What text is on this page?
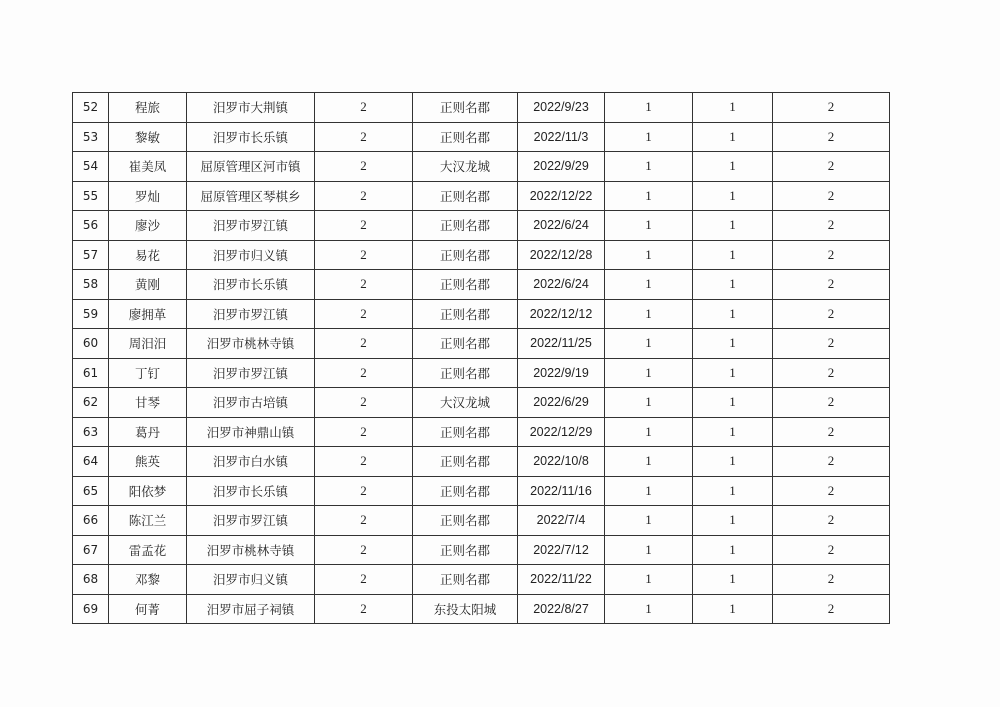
52	程旅	汨罗市大荆镇	2	正则名郡	2022/9/23	1	1	2
53	黎敏	汨罗市长乐镇	2	正则名郡	2022/11/3	1	1	2
54	崔美凤	屈原管理区河市镇	2	大汉龙城	2022/9/29	1	1	2
55	罗灿	屈原管理区琴棋乡	2	正则名郡	2022/12/22	1	1	2
56	廖沙	汨罗市罗江镇	2	正则名郡	2022/6/24	1	1	2
57	易花	汨罗市归义镇	2	正则名郡	2022/12/28	1	1	2
58	黄刚	汨罗市长乐镇	2	正则名郡	2022/6/24	1	1	2
59	廖拥革	汨罗市罗江镇	2	正则名郡	2022/12/12	1	1	2
60	周汨汨	汨罗市桃林寺镇	2	正则名郡	2022/11/25	1	1	2
61	丁钉	汨罗市罗江镇	2	正则名郡	2022/9/19	1	1	2
62	甘琴	汨罗市古培镇	2	大汉龙城	2022/6/29	1	1	2
63	葛丹	汨罗市神鼎山镇	2	正则名郡	2022/12/29	1	1	2
64	熊英	汨罗市白水镇	2	正则名郡	2022/10/8	1	1	2
65	阳依梦	汨罗市长乐镇	2	正则名郡	2022/11/16	1	1	2
66	陈江兰	汨罗市罗江镇	2	正则名郡	2022/7/4	1	1	2
67	雷孟花	汨罗市桃林寺镇	2	正则名郡	2022/7/12	1	1	2
68	邓黎	汨罗市归义镇	2	正则名郡	2022/11/22	1	1	2
69	何菁	汨罗市屈子祠镇	2	东投太阳城	2022/8/27	1	1	2
